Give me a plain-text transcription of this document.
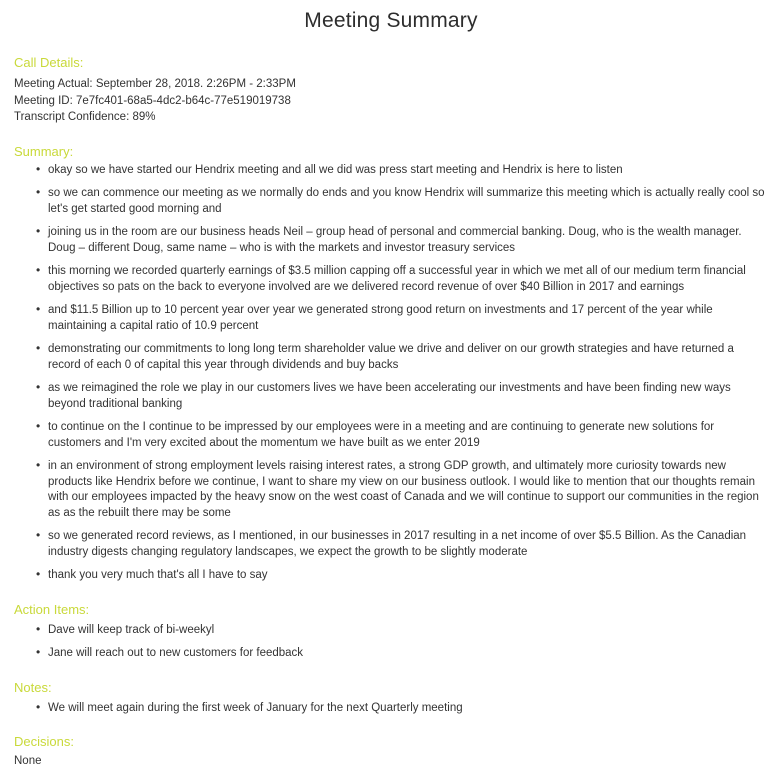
Meeting Summary
Call Details:
Meeting Actual: September 28, 2018. 2:26PM - 2:33PM
Meeting ID: 7e7fc401-68a5-4dc2-b64c-77e519019738
Transcript Confidence: 89%
Summary:
• okay so we have started our Hendrix meeting and all we did was press start meeting and Hendrix is here to listen
• so we can commence our meeting as we normally do ends and you know Hendrix will summarize this meeting which is actually really cool so let's get started good morning and
• joining us in the room are our business heads Neil – group head of personal and commercial banking. Doug, who is the wealth manager. Doug – different Doug, same name – who is with the markets and investor treasury services
• this morning we recorded quarterly earnings of $3.5 million capping off a successful year in which we met all of our medium term financial objectives so pats on the back to everyone involved are we delivered record revenue of over $40 Billion in 2017 and earnings
• and $11.5 Billion up to 10 percent year over year we generated strong good return on investments and 17 percent of the year while maintaining a capital ratio of 10.9 percent
• demonstrating our commitments to long long term shareholder value we drive and deliver on our growth strategies and have returned a record of each 0 of capital this year through dividends and buy backs
• as we reimagined the role we play in our customers lives we have been accelerating our investments and have been finding new ways beyond traditional banking
• to continue on the I continue to be impressed by our employees were in a meeting and are continuing to generate new solutions for customers and I'm very excited about the momentum we have built as we enter 2019
• in an environment of strong employment levels raising interest rates, a strong GDP growth, and ultimately more curiosity towards new products like Hendrix before we continue, I want to share my view on our business outlook. I would like to mention that our thoughts remain with our employees impacted by the heavy snow on the west coast of Canada and we will continue to support our communities in the region as as the rebuilt there may be some
• so we generated record reviews, as I mentioned, in our businesses in 2017 resulting in a net income of over $5.5 Billion. As the Canadian industry digests changing regulatory landscapes, we expect the growth to be slightly moderate
• thank you very much that's all I have to say
Action Items:
• Dave will keep track of bi-weekyl
• Jane will reach out to new customers for feedback
Notes:
• We will meet again during the first week of January for the next Quarterly meeting
Decisions:
None
